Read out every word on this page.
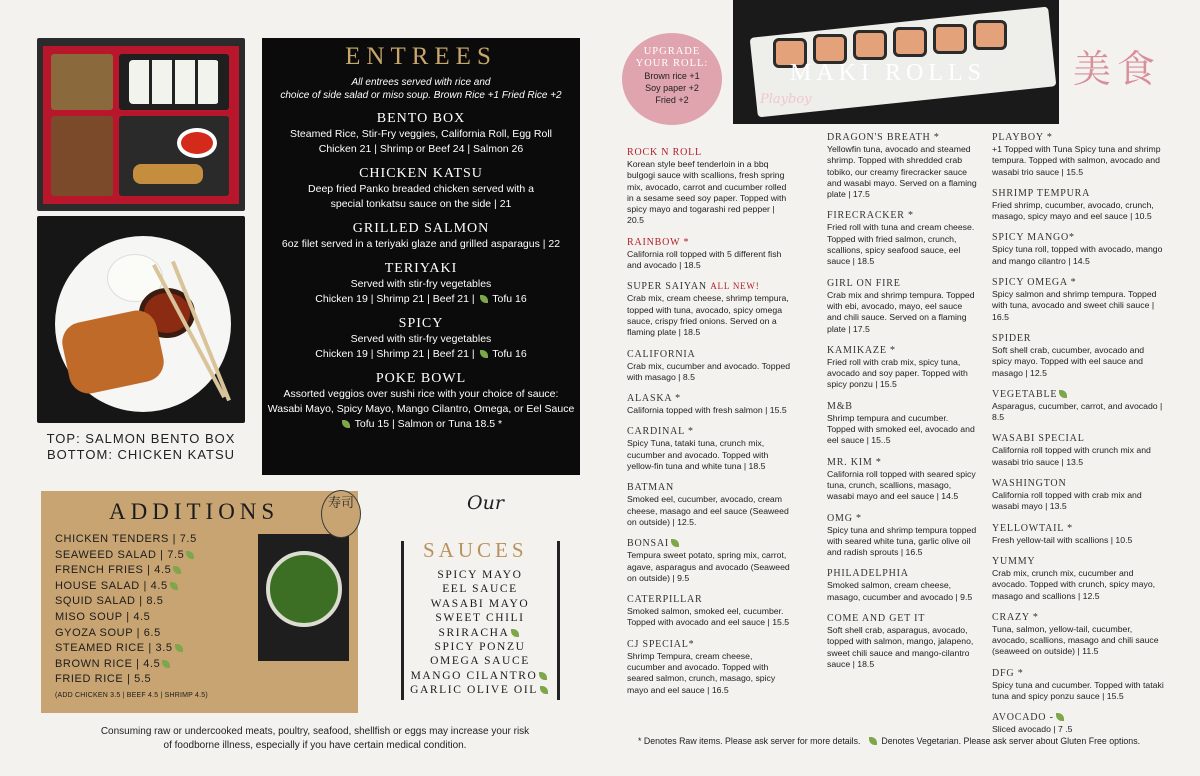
TOP: SALMON BENTO BOX
BOTTOM: CHICKEN KATSU
ENTREES
All entrees served with rice and
choice of side salad or miso soup. Brown Rice +1 Fried Rice +2
BENTO BOX
Steamed Rice, Stir-Fry veggies, California Roll, Egg Roll
Chicken 21 | Shrimp or Beef 24 | Salmon 26
CHICKEN KATSU
Deep fried Panko breaded chicken served with a
special tonkatsu sauce on the side | 21
GRILLED SALMON
6oz filet served in a teriyaki glaze and grilled asparagus | 22
TERIYAKI
Served with stir-fry vegetables
Chicken 19 | Shrimp 21 | Beef 21 | Tofu 16
SPICY
Served with stir-fry vegetables
Chicken 19 | Shrimp 21 | Beef 21 | Tofu 16
POKE BOWL
Assorted veggios over sushi rice with your choice of sauce:
Wasabi Mayo, Spicy Mayo, Mango Cilantro, Omega, or Eel Sauce
Tofu 15 | Salmon or Tuna 18.5 *
ADDITIONS
CHICKEN TENDERS | 7.5
SEAWEED SALAD | 7.5
FRENCH FRIES | 4.5
HOUSE SALAD | 4.5
SQUID SALAD | 8.5
MISO SOUP | 4.5
GYOZA SOUP | 6.5
STEAMED RICE | 3.5
BROWN RICE | 4.5
FRIED RICE | 5.5
(ADD CHICKEN 3.5 | BEEF 4.5 | SHRIMP 4.5)
寿司	Our
SAUCES
SPICY MAYO
EEL SAUCE
WASABI MAYO
SWEET CHILI
SRIRACHA
SPICY PONZU
OMEGA SAUCE
MANGO CILANTRO
GARLIC OLIVE OIL
Consuming raw or undercooked meats, poultry, seafood, shellfish or eggs may increase your risk of foodborne illness, especially if you have certain medical condition.
UPGRADE
YOUR ROLL:
Brown rice +1
Soy paper +2
Fried +2
MAKI ROLLS
Playboy
美食
ROCK N ROLL
Korean style beef tenderloin in a bbq bulgogi sauce with scallions, fresh spring mix, avocado, carrot and cucumber rolled in a sesame seed soy paper. Topped with spicy mayo and togarashi red pepper | 20.5
RAINBOW *
California roll topped with 5 different fish and avocado | 18.5
SUPER SAIYAN ALL NEW!
Crab mix, cream cheese, shrimp tempura, topped with tuna, avocado, spicy omega sauce, crispy fried onions. Served on a flaming plate | 18.5
CALIFORNIA
Crab mix, cucumber and avocado. Topped with masago | 8.5
ALASKA *
California topped with fresh salmon | 15.5
CARDINAL *
Spicy Tuna, tataki tuna, crunch mix, cucumber and avocado. Topped with yellow-fin tuna and white tuna | 18.5
BATMAN
Smoked eel, cucumber, avocado, cream cheese, masago and eel sauce (Seaweed on outside) | 12.5.
BONSAI
Tempura sweet potato, spring mix, carrot, agave, asparagus and avocado (Seaweed on outside) | 9.5
CATERPILLAR
Smoked salmon, smoked eel, cucumber. Topped with avocado and eel sauce | 15.5
CJ SPECIAL*
Shrimp Tempura, cream cheese, cucumber and avocado. Topped with seared salmon, crunch, masago, spicy mayo and eel sauce | 16.5
DRAGON'S BREATH *
Yellowfin tuna, avocado and steamed shrimp. Topped with shredded crab tobiko, our creamy firecracker sauce and wasabi mayo. Served on a flaming plate | 17.5
FIRECRACKER *
Fried roll with tuna and cream cheese. Topped with fried salmon, crunch, scallions, spicy seafood sauce, eel sauce | 18.5
GIRL ON FIRE
Crab mix and shrimp tempura. Topped with ebi, avocado, mayo, eel sauce and chili sauce. Served on a flaming plate | 17.5
KAMIKAZE *
Fried roll with crab mix, spicy tuna, avocado and soy paper. Topped with spicy ponzu | 15.5
M&B
Shrimp tempura and cucumber. Topped with smoked eel, avocado and eel sauce | 15..5
MR. KIM *
California roll topped with seared spicy tuna, crunch, scallions, masago, wasabi mayo and eel sauce | 14.5
OMG *
Spicy tuna and shrimp tempura topped with seared white tuna, garlic olive oil and radish sprouts | 16.5
PHILADELPHIA
Smoked salmon, cream cheese, masago, cucumber and avocado | 9.5
COME AND GET IT
Soft shell crab, asparagus, avocado, topped with salmon, mango, jalapeno, sweet chili sauce and mango-cilantro sauce | 18.5
PLAYBOY *
+1 Topped with Tuna Spicy tuna and shrimp tempura. Topped with salmon, avocado and wasabi trio sauce | 15.5
SHRIMP TEMPURA
Fried shrimp, cucumber, avocado, crunch, masago, spicy mayo and eel sauce | 10.5
SPICY MANGO*
Spicy tuna roll, topped with avocado, mango and mango cilantro | 14.5
SPICY OMEGA *
Spicy salmon and shrimp tempura. Topped with tuna, avocado and sweet chili sauce | 16.5
SPIDER
Soft shell crab, cucumber, avocado and spicy mayo. Topped with eel sauce and masago | 12.5
VEGETABLE
Asparagus, cucumber, carrot, and avocado | 8.5
WASABI SPECIAL
California roll topped with crunch mix and wasabi trio sauce | 13.5
WASHINGTON
California roll topped with crab mix and wasabi mayo | 13.5
YELLOWTAIL *
Fresh yellow-tail with scallions | 10.5
YUMMY
Crab mix, crunch mix, cucumber and avocado. Topped with crunch, spicy mayo, masago and scallions | 12.5
CRAZY *
Tuna, salmon, yellow-tail, cucumber, avocado, scallions, masago and chili sauce (seaweed on outside) | 11.5
DFG *
Spicy tuna and cucumber. Topped with tataki tuna and spicy ponzu sauce | 15.5
AVOCADO -
Sliced avocado | 7 .5
* Denotes Raw items. Please ask server for more details. Denotes Vegetarian. Please ask server about Gluten Free options.
